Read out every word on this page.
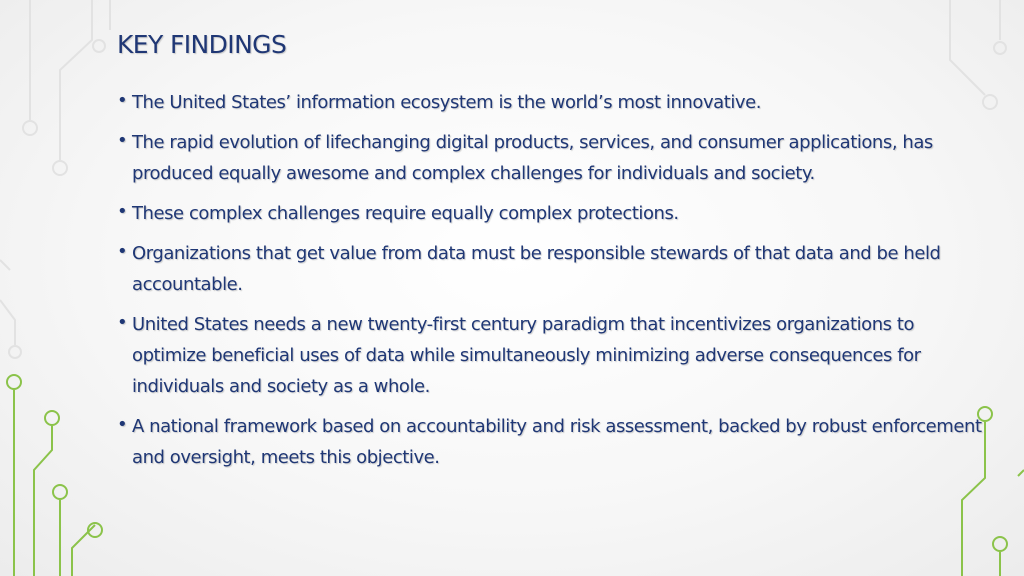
KEY FINDINGS
• The United States’ information ecosystem is the world’s most innovative.
• The rapid evolution of lifechanging digital products, services, and consumer applications, has produced equally awesome and complex challenges for individuals and society.
• These complex challenges require equally complex protections.
• Organizations that get value from data must be responsible stewards of that data and be held accountable.
• United States needs a new twenty-first century paradigm that incentivizes organizations to optimize beneficial uses of data while simultaneously minimizing adverse consequences for individuals and society as a whole.
• A national framework based on accountability and risk assessment, backed by robust enforcement and oversight, meets this objective.
